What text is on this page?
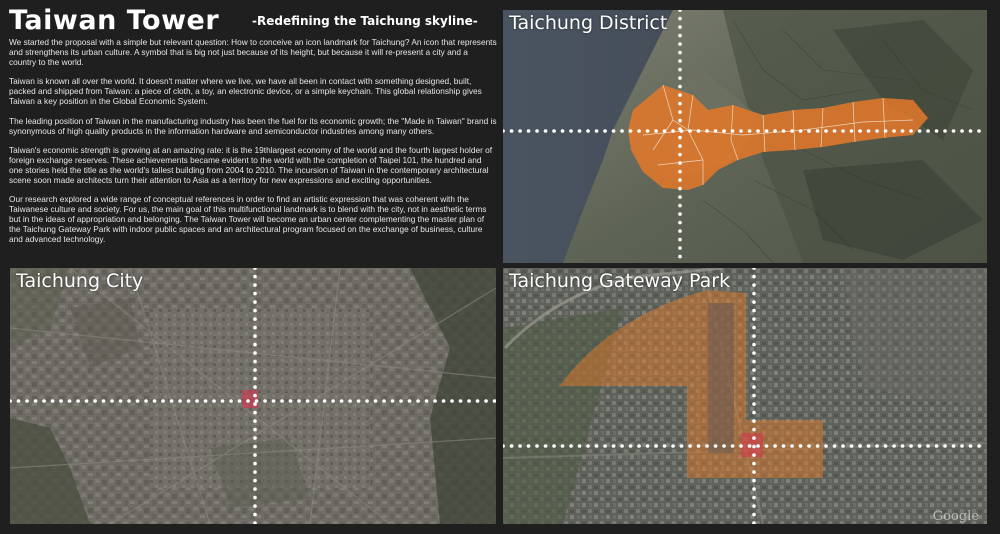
Taiwan Tower	-Redefining the Taichung skyline-

We started the proposal with a simple but relevant question: How to conceive an icon landmark for Taichung? An icon that represents and strengthens its urban culture. A symbol that is big not just because of its height, but because it will re-present a city and a country to the world.

Taiwan is known all over the world. It doesn't matter where we live, we have all been in contact with something designed, built, packed and shipped from Taiwan: a piece of cloth, a toy, an electronic device, or a simple keychain. This global relationship gives Taiwan a key position in the Global Economic System.

The leading position of Taiwan in the manufacturing industry has been the fuel for its economic growth; the "Made in Taiwan" brand is synonymous of high quality products in the information hardware and semiconductor industries among many others.

Taiwan's economic strength is growing at an amazing rate: it is the 19thlargest economy of the world and the fourth largest holder of foreign exchange reserves. These achievements became evident to the world with the completion of Taipei 101, the hundred and one stories held the title as the world's tallest building from 2004 to 2010. The incursion of Taiwan in the contemporary architectural scene soon made architects turn their attention to Asia as a territory for new expressions and exciting opportunities.

Our research explored a wide range of conceptual references in order to find an artistic expression that was coherent with the Taiwanese culture and society. For us, the main goal of this multifunctional landmark is to blend with the city, not in aesthetic terms but in the ideas of appropriation and belonging. The Taiwan Tower will become an urban center complementing the master plan of the Taichung Gateway Park with indoor public spaces and an architectural program focused on the exchange of business, culture and advanced technology.

Taichung District
Taichung City	Taichung Gateway Park
Google
